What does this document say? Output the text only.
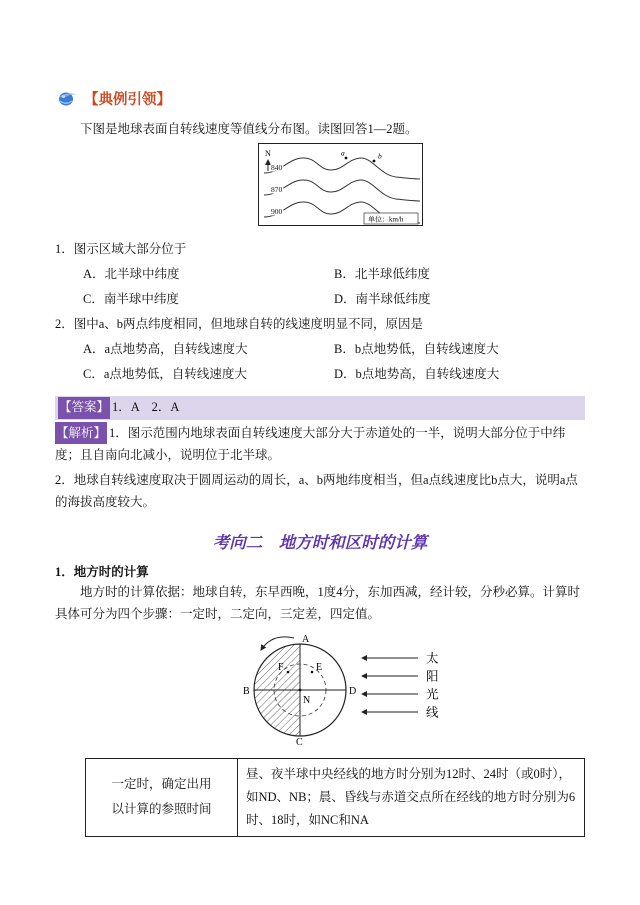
【典例引领】
下图是地球表面自转线速度等值线分布图。读图回答1—2题。
N
840
870
900
a	b
单位：km/h
1．图示区域大部分位于
A．北半球中纬度	B．北半球低纬度
C．南半球中纬度	D．南半球低纬度
2．图中a、b两点纬度相同，但地球自转的线速度明显不同，原因是
A．a点地势高，自转线速度大	B．b点地势低，自转线速度大
C．a点地势低，自转线速度大	D．b点地势高，自转线速度大
【答案】 1．A　2．A

【解析】 1．图示范围内地球表面自转线速度大部分大于赤道处的一半，说明大部分位于中纬度；且自南向北减小，说明位于北半球。

2．地球自转线速度取决于圆周运动的周长，a、b两地纬度相当，但a点线速度比b点大，说明a点的海拔高度较大。

考向二　地方时和区时的计算
1．地方时的计算
地方时的计算依据：地球自转，东早西晚，1度4分，东加西减，经计较，分秒必算。计算时具体可分为四个步骤：一定时，二定向，三定差，四定值。
A
B
C
D
E
F
N
太
阳
光
线
一定时，确定出用
以计算的参照时间
	昼、夜半球中央经线的地方时分别为12时、24时（或0时），如ND、NB；晨、昏线与赤道交点所在经线的地方时分别为6时、18时，如NC和NA
